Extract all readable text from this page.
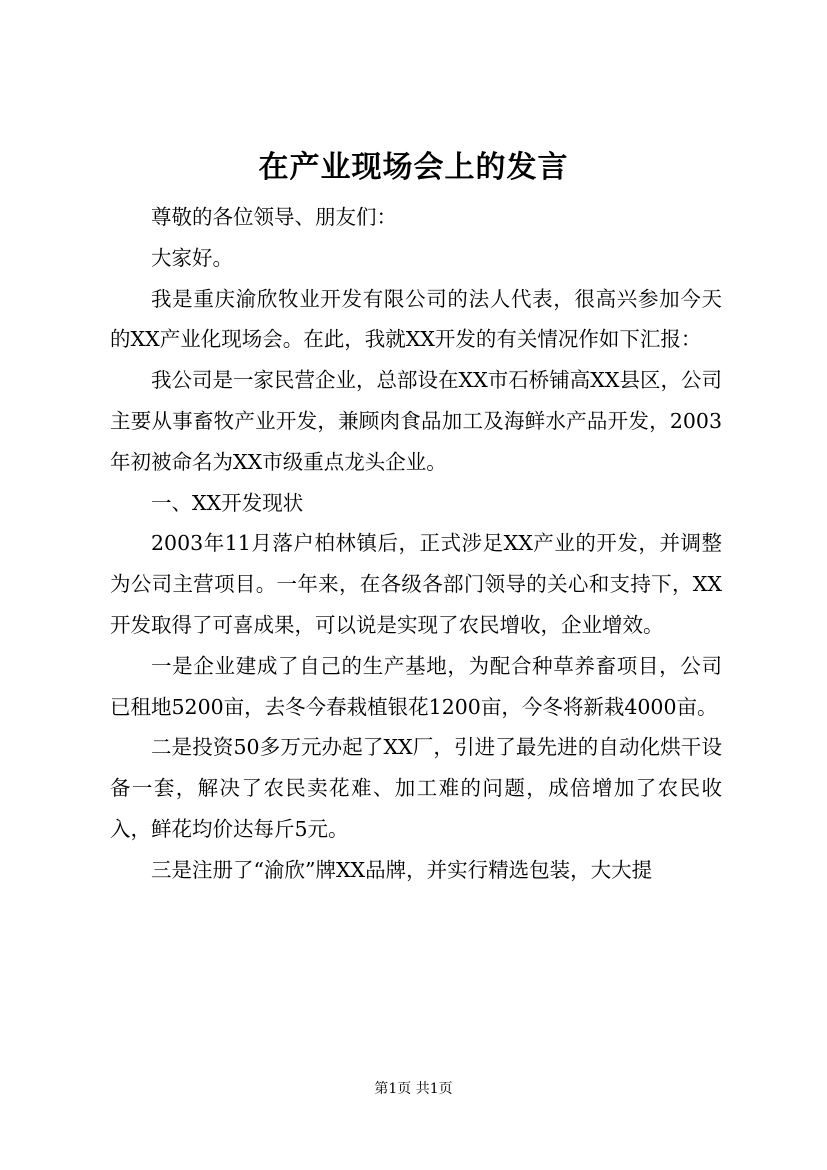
在产业现场会上的发言

尊敬的各位领导、朋友们：

大家好。

我是重庆渝欣牧业开发有限公司的法人代表，很高兴参加今天的XX产业化现场会。在此，我就XX开发的有关情况作如下汇报：

我公司是一家民营企业，总部设在XX市石桥铺高XX县区，公司主要从事畜牧产业开发，兼顾肉食品加工及海鲜水产品开发，2003年初被命名为XX市级重点龙头企业。

一、XX开发现状

2003年11月落户柏林镇后，正式涉足XX产业的开发，并调整为公司主营项目。一年来，在各级各部门领导的关心和支持下，XX开发取得了可喜成果，可以说是实现了农民增收，企业增效。

一是企业建成了自己的生产基地，为配合种草养畜项目，公司已租地5200亩，去冬今春栽植银花1200亩，今冬将新栽4000亩。

二是投资50多万元办起了XX厂，引进了最先进的自动化烘干设备一套，解决了农民卖花难、加工难的问题，成倍增加了农民收入，鲜花均价达每斤5元。

三是注册了“渝欣”牌XX品牌，并实行精选包装，大大提

第1页 共1页
